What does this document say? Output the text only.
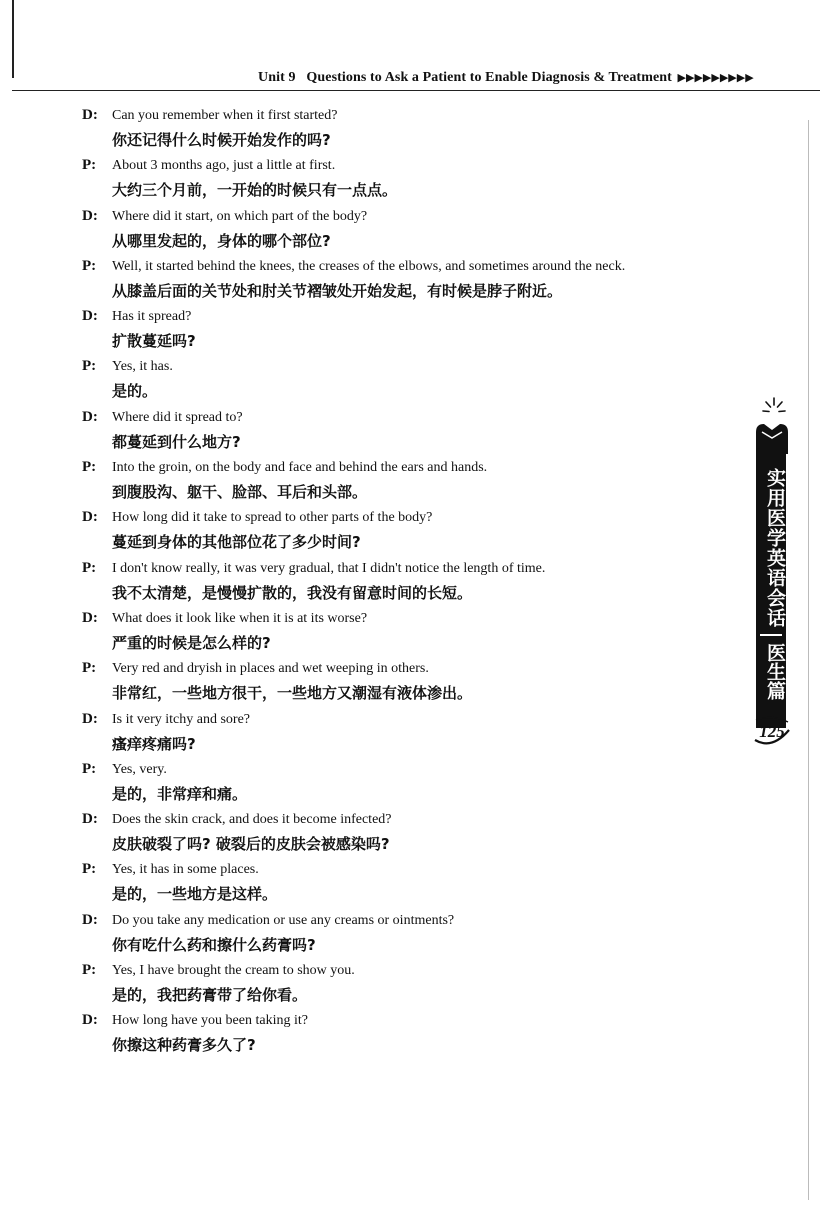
Unit 9 Questions to Ask a Patient to Enable Diagnosis & Treatment ▶▶▶▶▶▶▶▶▶
D: Can you remember when it first started?
你还记得什么时候开始发作的吗?
P: About 3 months ago, just a little at first.
大约三个月前，一开始的时候只有一点点。
D: Where did it start, on which part of the body?
从哪里发起的，身体的哪个部位?
P: Well, it started behind the knees, the creases of the elbows, and sometimes around the neck.
从膝盖后面的关节处和肘关节褶皱处开始发起，有时候是脖子附近。
D: Has it spread?
扩散蔓延吗?
P: Yes, it has.
是的。
D: Where did it spread to?
都蔓延到什么地方?
P: Into the groin, on the body and face and behind the ears and hands.
到腹股沟、躯干、脸部、耳后和头部。
D: How long did it take to spread to other parts of the body?
蔓延到身体的其他部位花了多少时间?
P: I don't know really, it was very gradual, that I didn't notice the length of time.
我不太清楚，是慢慢扩散的，我没有留意时间的长短。
D: What does it look like when it is at its worse?
严重的时候是怎么样的?
P: Very red and dryish in places and wet weeping in others.
非常红，一些地方很干，一些地方又潮湿有液体渗出。
D: Is it very itchy and sore?
瘙痒疼痛吗?
P: Yes, very.
是的，非常痒和痛。
D: Does the skin crack, and does it become infected?
皮肤破裂了吗? 破裂后的皮肤会被感染吗?
P: Yes, it has in some places.
是的，一些地方是这样。
D: Do you take any medication or use any creams or ointments?
你有吃什么药和擦什么药膏吗?
P: Yes, I have brought the cream to show you.
是的，我把药膏带了给你看。
D: How long have you been taking it?
你擦这种药膏多久了?
实用医学英语会话
医生篇
125
